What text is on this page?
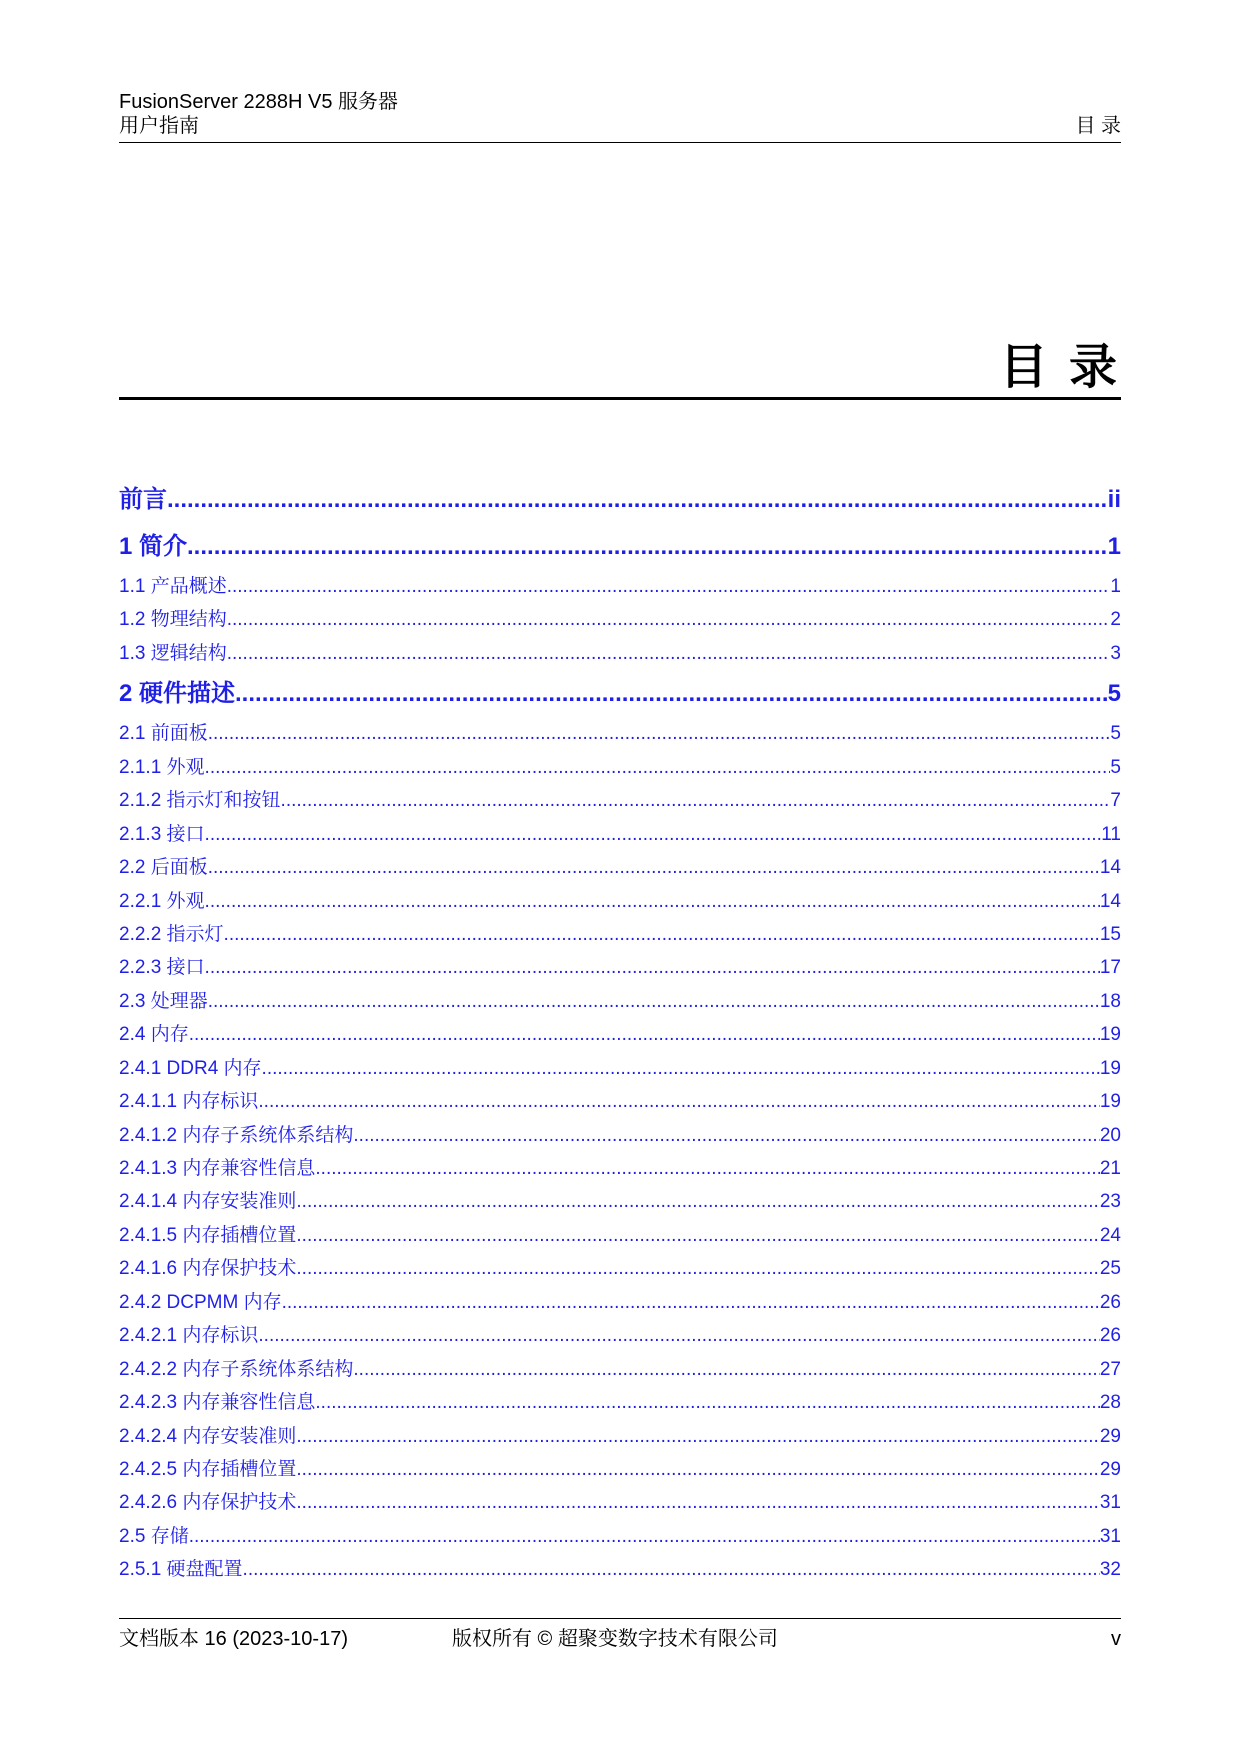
FusionServer 2288H V5 服务器
用户指南	目 录
目 录
前言 .....	ii
1 简介 .....	1
1.1 产品概述 .....	1
1.2 物理结构 .....	2
1.3 逻辑结构 .....	3
2 硬件描述 .....	5
2.1 前面板 .....	5
2.1.1 外观 .....	5
2.1.2 指示灯和按钮 .....	7
2.1.3 接口 .....	11
2.2 后面板 .....	14
2.2.1 外观 .....	14
2.2.2 指示灯 .....	15
2.2.3 接口 .....	17
2.3 处理器 .....	18
2.4 内存 .....	19
2.4.1 DDR4 内存 .....	19
2.4.1.1 内存标识 .....	19
2.4.1.2 内存子系统体系结构 .....	20
2.4.1.3 内存兼容性信息 .....	21
2.4.1.4 内存安装准则 .....	23
2.4.1.5 内存插槽位置 .....	24
2.4.1.6 内存保护技术 .....	25
2.4.2 DCPMM 内存 .....	26
2.4.2.1 内存标识 .....	26
2.4.2.2 内存子系统体系结构 .....	27
2.4.2.3 内存兼容性信息 .....	28
2.4.2.4 内存安装准则 .....	29
2.4.2.5 内存插槽位置 .....	29
2.4.2.6 内存保护技术 .....	31
2.5 存储 .....	31
2.5.1 硬盘配置 .....	32
文档版本 16 (2023-10-17)	版权所有 © 超聚变数字技术有限公司	v
